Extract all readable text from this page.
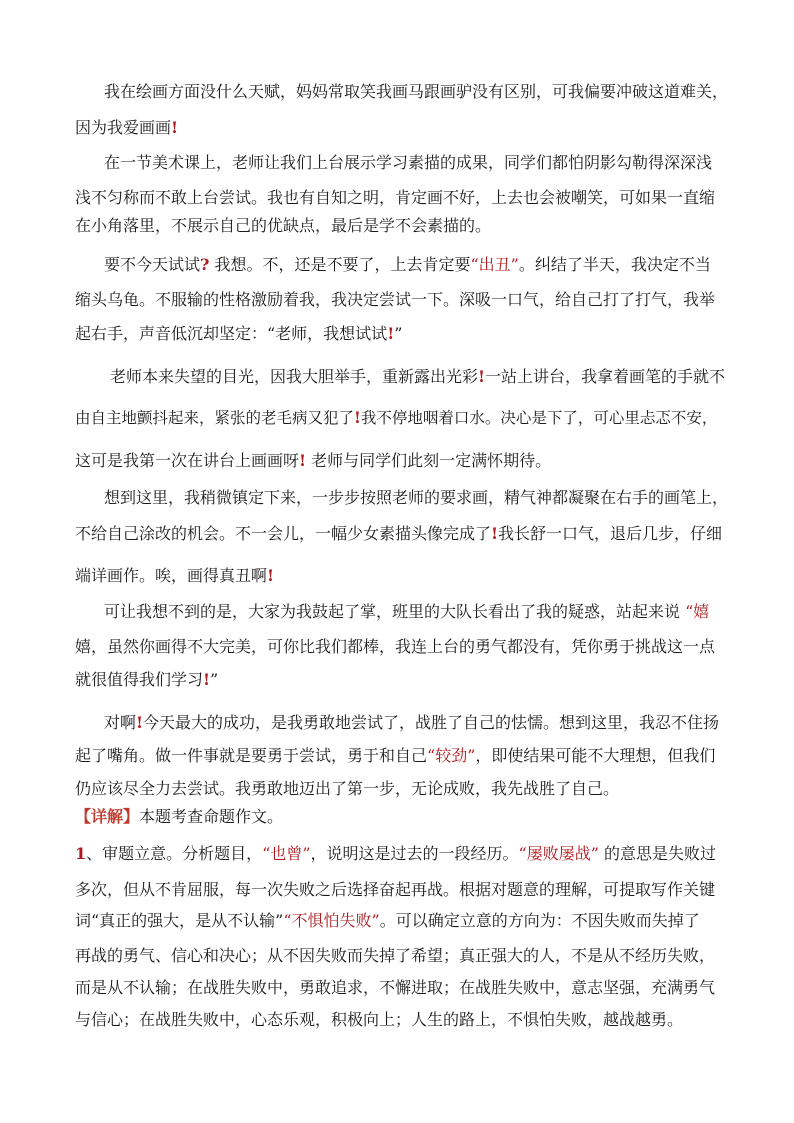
我在绘画方面没什么天赋，妈妈常取笑我画马跟画驴没有区别，可我偏要冲破这道难关，
因为我爱画画!
在一节美术课上，老师让我们上台展示学习素描的成果，同学们都怕阴影勾勒得深深浅
浅不匀称而不敢上台尝试。我也有自知之明，肯定画不好，上去也会被嘲笑，可如果一直缩
在小角落里，不展示自己的优缺点，最后是学不会素描的。
要不今天试试? 我想。不，还是不要了，上去肯定要“出丑”。纠结了半天，我决定不当
缩头乌龟。不服输的性格激励着我，我决定尝试一下。深吸一口气，给自己打了打气，我举
起右手，声音低沉却坚定：“老师，我想试试!”
老师本来失望的目光，因我大胆举手，重新露出光彩!一站上讲台，我拿着画笔的手就不
由自主地颤抖起来，紧张的老毛病又犯了!我不停地咽着口水。决心是下了，可心里忐忑不安，
这可是我第一次在讲台上画画呀! 老师与同学们此刻一定满怀期待。
想到这里，我稍微镇定下来，一步步按照老师的要求画，精气神都凝聚在右手的画笔上，
不给自己涂改的机会。不一会儿，一幅少女素描头像完成了!我长舒一口气，退后几步，仔细
端详画作。唉，画得真丑啊!
可让我想不到的是，大家为我鼓起了掌，班里的大队长看出了我的疑惑，站起来说 “嬉
嬉，虽然你画得不大完美，可你比我们都棒，我连上台的勇气都没有，凭你勇于挑战这一点
就很值得我们学习!”
对啊!今天最大的成功，是我勇敢地尝试了，战胜了自己的怯懦。想到这里，我忍不住扬
起了嘴角。做一件事就是要勇于尝试，勇于和自己“较劲”，即使结果可能不大理想，但我们
仍应该尽全力去尝试。我勇敢地迈出了第一步，无论成败，我先战胜了自己。
【详解】本题考查命题作文。
1、审题立意。分析题目，“也曾”，说明这是过去的一段经历。“屡败屡战” 的意思是失败过
多次，但从不肯屈服，每一次失败之后选择奋起再战。根据对题意的理解，可提取写作关键
词“真正的强大，是从不认输”“不惧怕失败”。可以确定立意的方向为：不因失败而失掉了
再战的勇气、信心和决心；从不因失败而失掉了希望；真正强大的人，不是从不经历失败，
而是从不认输；在战胜失败中，勇敢追求，不懈进取；在战胜失败中，意志坚强，充满勇气
与信心；在战胜失败中，心态乐观，积极向上；人生的路上，不惧怕失败，越战越勇。
